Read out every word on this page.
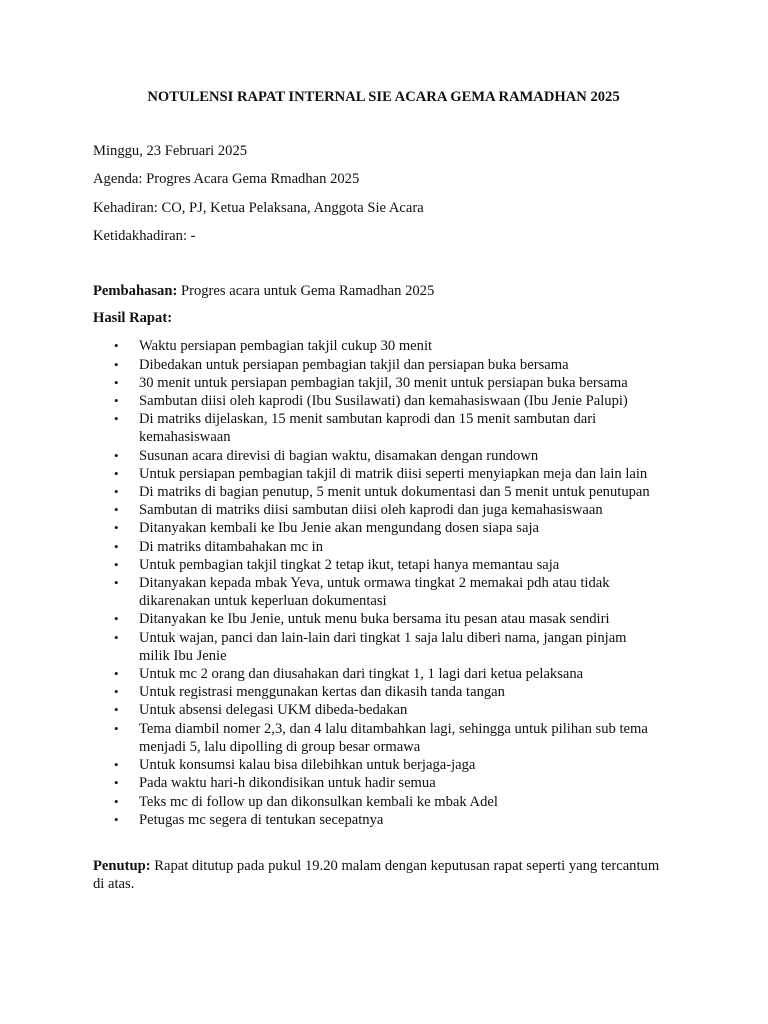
NOTULENSI RAPAT INTERNAL SIE ACARA GEMA RAMADHAN 2025

Minggu, 23 Februari 2025

Agenda: Progres Acara Gema Rmadhan 2025

Kehadiran: CO, PJ, Ketua Pelaksana, Anggota Sie Acara

Ketidakhadiran: -

Pembahasan: Progres acara untuk Gema Ramadhan 2025

Hasil Rapat:

• Waktu persiapan pembagian takjil cukup 30 menit
• Dibedakan untuk persiapan pembagian takjil dan persiapan buka bersama
• 30 menit untuk persiapan pembagian takjil, 30 menit untuk persiapan buka bersama
• Sambutan diisi oleh kaprodi (Ibu Susilawati) dan kemahasiswaan (Ibu Jenie Palupi)
• Di matriks dijelaskan, 15 menit sambutan kaprodi dan 15 menit sambutan dari kemahasiswaan
• Susunan acara direvisi di bagian waktu, disamakan dengan rundown
• Untuk persiapan pembagian takjil di matrik diisi seperti menyiapkan meja dan lain lain
• Di matriks di bagian penutup, 5 menit untuk dokumentasi dan 5 menit untuk penutupan
• Sambutan di matriks diisi sambutan diisi oleh kaprodi dan juga kemahasiswaan
• Ditanyakan kembali ke Ibu Jenie akan mengundang dosen siapa saja
• Di matriks ditambahakan mc in
• Untuk pembagian takjil tingkat 2 tetap ikut, tetapi hanya memantau saja
• Ditanyakan kepada mbak Yeva, untuk ormawa tingkat 2 memakai pdh atau tidak dikarenakan untuk keperluan dokumentasi
• Ditanyakan ke Ibu Jenie, untuk menu buka bersama itu pesan atau masak sendiri
• Untuk wajan, panci dan lain-lain dari tingkat 1 saja lalu diberi nama, jangan pinjam milik Ibu Jenie
• Untuk mc 2 orang dan diusahakan dari tingkat 1, 1 lagi dari ketua pelaksana
• Untuk registrasi menggunakan kertas dan dikasih tanda tangan
• Untuk absensi delegasi UKM dibeda-bedakan
• Tema diambil nomer 2,3, dan 4 lalu ditambahkan lagi, sehingga untuk pilihan sub tema menjadi 5, lalu dipolling di group besar ormawa
• Untuk konsumsi kalau bisa dilebihkan untuk berjaga-jaga
• Pada waktu hari-h dikondisikan untuk hadir semua
• Teks mc di follow up dan dikonsulkan kembali ke mbak Adel
• Petugas mc segera di tentukan secepatnya

Penutup: Rapat ditutup pada pukul 19.20 malam dengan keputusan rapat seperti yang tercantum di atas.
